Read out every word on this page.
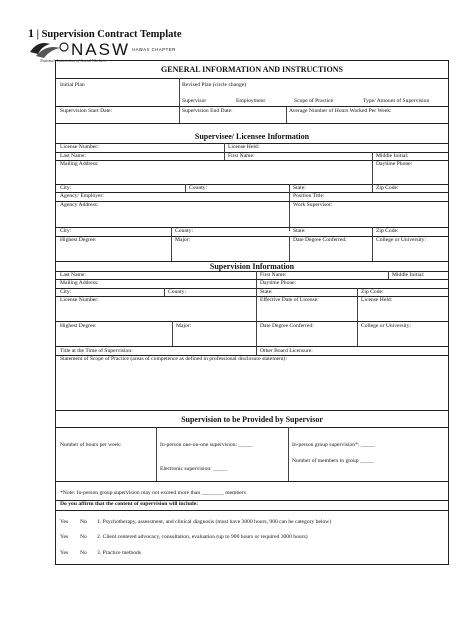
1 | Supervision Contract Template
NASW HAWAII CHAPTER
National Association of Social Workers
GENERAL INFORMATION AND INSTRUCTIONS
Initial Plan	Revised Plan (circle change)
Supervisor	Employment	Scope of Practice	Type/ Amount of Supervision
Supervision Start Date:	Supervision End Date:	Average Number of Hours Worked Per Week:
Supervisee/ Licensee Information
License Number:	License Held:
Last Name:	First Name:	Middle Initial:
Mailing Address:	Daytime Phone:
City:	County:	State:	Zip Code:
Agency/ Employer:	Position Title:
Agency Address:	Work Supervisor:
City:	County:	State:	Zip Code:
Highest Degree:	Major:	Date Degree Conferred:	College or University:
Supervision Information
Last Name:	First Name:	Middle Initial:
Mailing Address:	Daytime Phone:
City:	County:	State:	Zip Code:
License Number:	Effective Date of License:	License Held:
Highest Degree:	Major:	Date Degree Conferred:	College or University:
Title at the Time of Supervision:	Other Board Licensure:
Statement of Scope of Practice (areas of competence as defined in professional disclosure statement):
Supervision to be Provided by Supervisor
Number of hours per week:	In-person one-on-one supervision: _____	In-person group supervision*: _____
Number of members in group _____
Electronic supervision: _____
*Note: In-person group supervision may not exceed more than ________ members
Do you affirm that the content of supervision will include:
Yes No 1. Psychotherapy, assessment, and clinical diagnosis (must have 3000 hours, 900 can be category below)
Yes No 2. Client centered advocacy, consultation, evaluation (up to 900 hours or required 3000 hours)
Yes No 3. Practice methods
